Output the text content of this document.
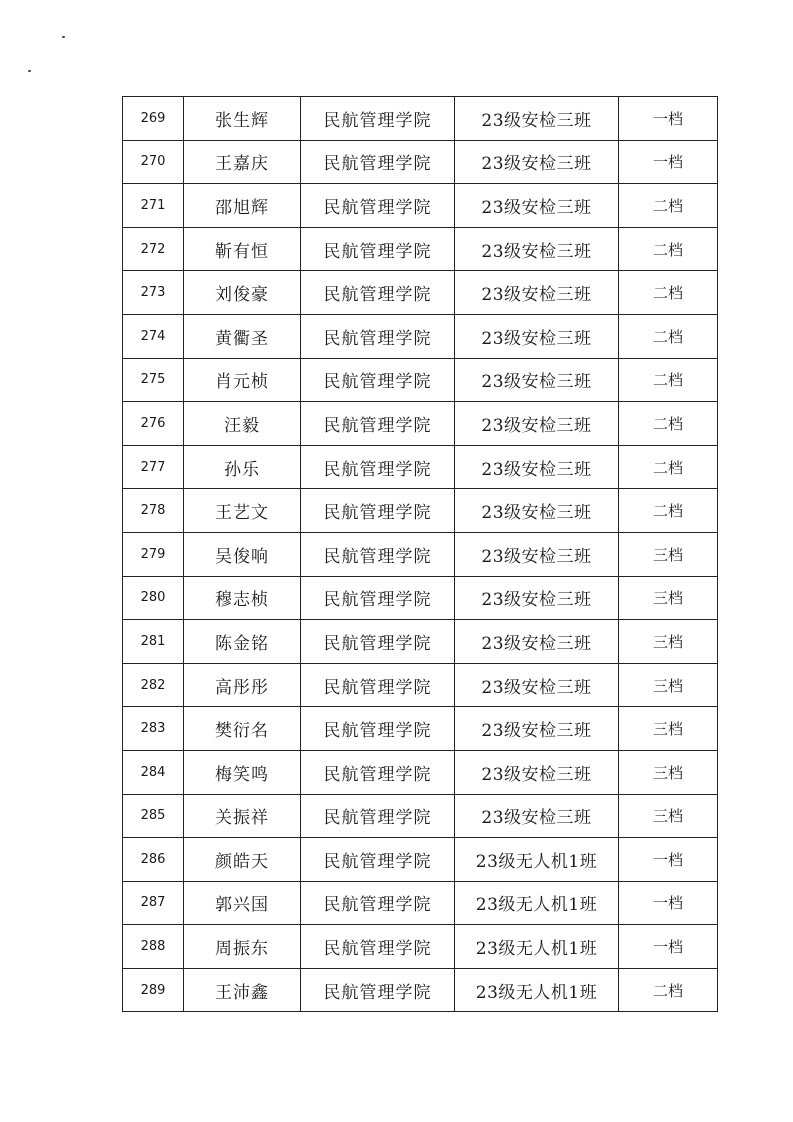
269	张生辉	民航管理学院	23级安检三班	一档
270	王嘉庆	民航管理学院	23级安检三班	一档
271	邵旭辉	民航管理学院	23级安检三班	二档
272	靳有恒	民航管理学院	23级安检三班	二档
273	刘俊豪	民航管理学院	23级安检三班	二档
274	黄衢圣	民航管理学院	23级安检三班	二档
275	肖元桢	民航管理学院	23级安检三班	二档
276	汪毅	民航管理学院	23级安检三班	二档
277	孙乐	民航管理学院	23级安检三班	二档
278	王艺文	民航管理学院	23级安检三班	二档
279	吴俊响	民航管理学院	23级安检三班	三档
280	穆志桢	民航管理学院	23级安检三班	三档
281	陈金铭	民航管理学院	23级安检三班	三档
282	高彤彤	民航管理学院	23级安检三班	三档
283	樊衍名	民航管理学院	23级安检三班	三档
284	梅笑鸣	民航管理学院	23级安检三班	三档
285	关振祥	民航管理学院	23级安检三班	三档
286	颜皓天	民航管理学院	23级无人机1班	一档
287	郭兴国	民航管理学院	23级无人机1班	一档
288	周振东	民航管理学院	23级无人机1班	一档
289	王沛鑫	民航管理学院	23级无人机1班	二档
